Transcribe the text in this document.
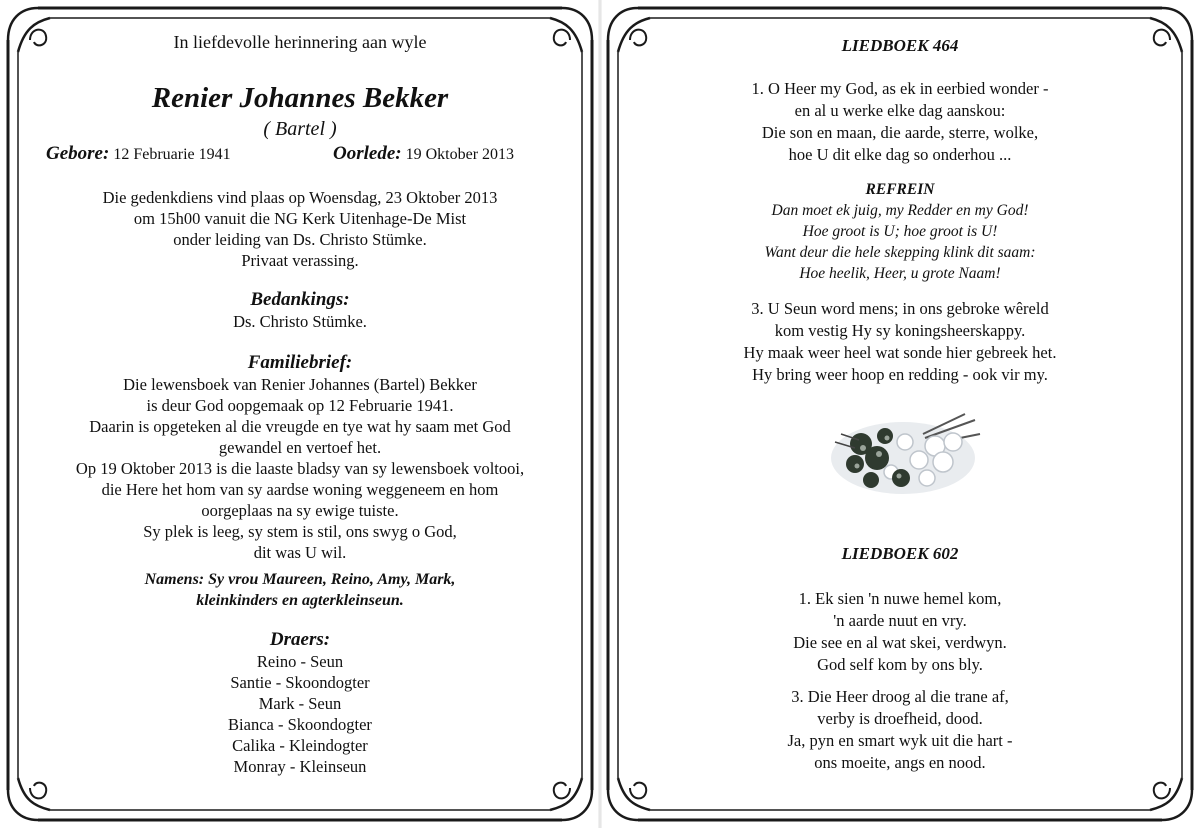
In liefdevolle herinnering aan wyle
Renier Johannes Bekker
( Bartel )
Gebore: 12 Februarie 1941	Oorlede: 19 Oktober 2013
Die gedenkdiens vind plaas op Woensdag, 23 Oktober 2013
om 15h00 vanuit die NG Kerk Uitenhage-De Mist
onder leiding van Ds. Christo Stümke.
Privaat verassing.
Bedankings:
Ds. Christo Stümke.
Familiebrief:
Die lewensboek van Renier Johannes (Bartel) Bekker
is deur God oopgemaak op 12 Februarie 1941.
Daarin is opgeteken al die vreugde en tye wat hy saam met God
gewandel en vertoef het.
Op 19 Oktober 2013 is die laaste bladsy van sy lewensboek voltooi,
die Here het hom van sy aardse woning weggeneem en hom
oorgeplaas na sy ewige tuiste.
Sy plek is leeg, sy stem is stil, ons swyg o God,
dit was U wil.
Namens: Sy vrou Maureen, Reino, Amy, Mark,
kleinkinders en agterkleinseun.
Draers:
Reino - Seun
Santie - Skoondogter
Mark - Seun
Bianca - Skoondogter
Calika - Kleindogter
Monray - Kleinseun
LIEDBOEK 464
1. O Heer my God, as ek in eerbied wonder -
en al u werke elke dag aanskou:
Die son en maan, die aarde, sterre, wolke,
hoe U dit elke dag so onderhou ...
REFREIN
Dan moet ek juig, my Redder en my God!
Hoe groot is U; hoe groot is U!
Want deur die hele skepping klink dit saam:
Hoe heelik, Heer, u grote Naam!
3. U Seun word mens; in ons gebroke wêreld
kom vestig Hy sy koningsheerskappy.
Hy maak weer heel wat sonde hier gebreek het.
Hy bring weer hoop en redding - ook vir my.
LIEDBOEK 602
1. Ek sien 'n nuwe hemel kom,
'n aarde nuut en vry.
Die see en al wat skei, verdwyn.
God self kom by ons bly.
3. Die Heer droog al die trane af,
verby is droefheid, dood.
Ja, pyn en smart wyk uit die hart -
ons moeite, angs en nood.
